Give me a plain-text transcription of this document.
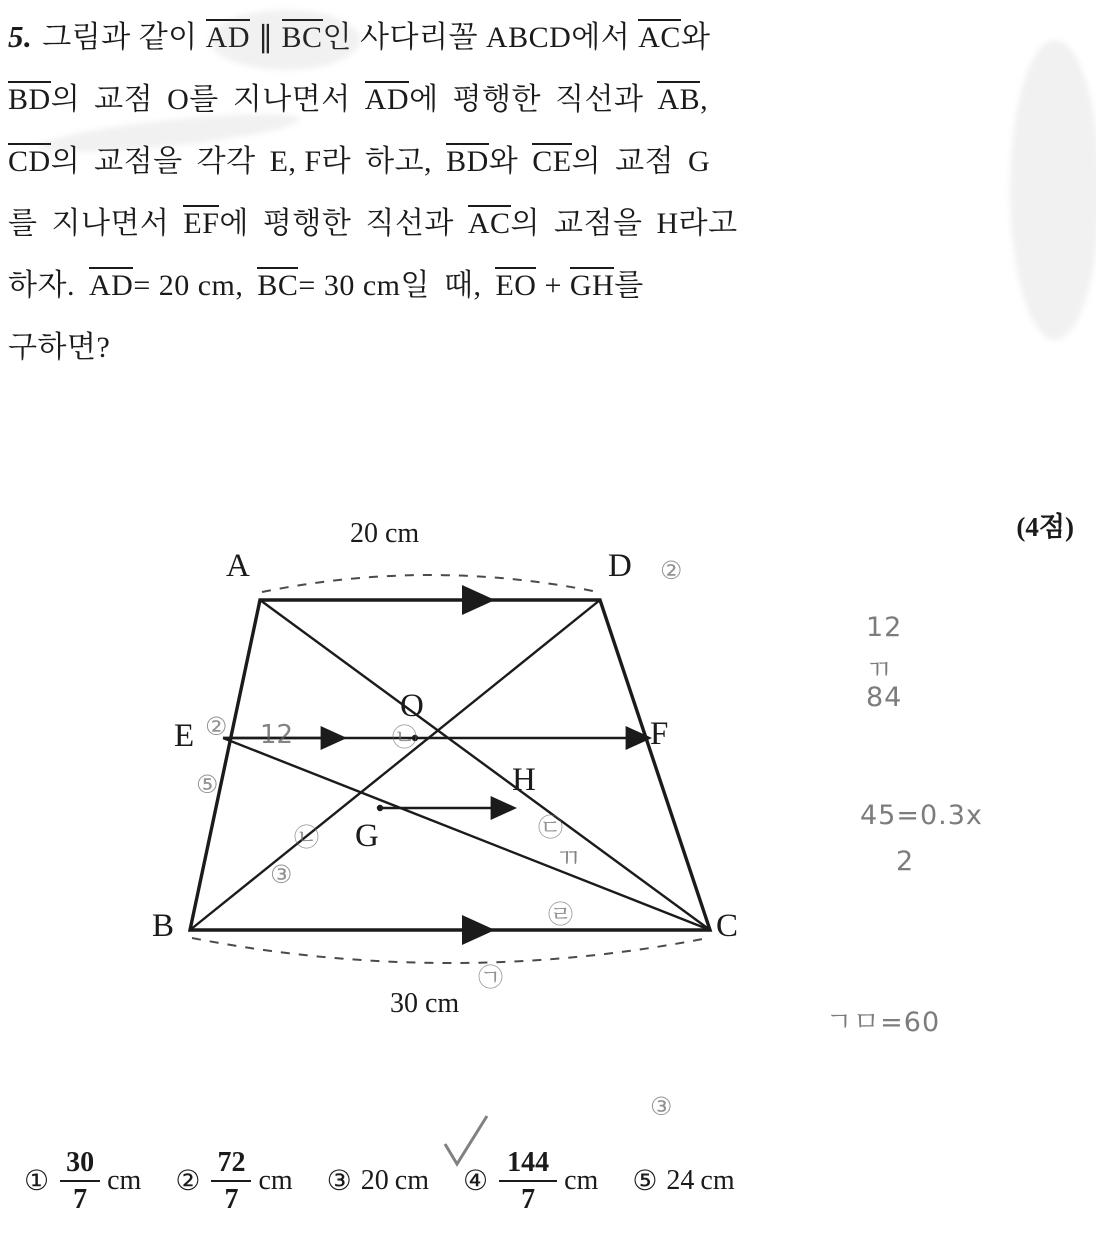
5. 그림과 같이 AD ∥ BC인 사다리꼴 ABCD에서 AC와
BD의 교점 O를 지나면서 AD에 평행한 직선과 AB,
CD의 교점을 각각 E, F라 하고, BD와 CE의 교점 G
를 지나면서 EF에 평행한 직선과 AC의 교점을 H라고
하자. AD= 20 cm, BC= 30 cm일 때, EO + GH를
구하면?
(4점)
A	D
E	F
O
H
G
B	C
20 cm
30 cm
②
②
⑤
③
③
㉡
㉢
㉠
㉡
㉣
12
ㄲ
12
ㄲ
84
45=0.3х
2
ㄱㅁ=60
① $\frac{30}{7}$ cm ② $\frac{72}{7}$ cm ③ 20 cm ④ $\frac{144}{7}$ cm ⑤ 24 cm
